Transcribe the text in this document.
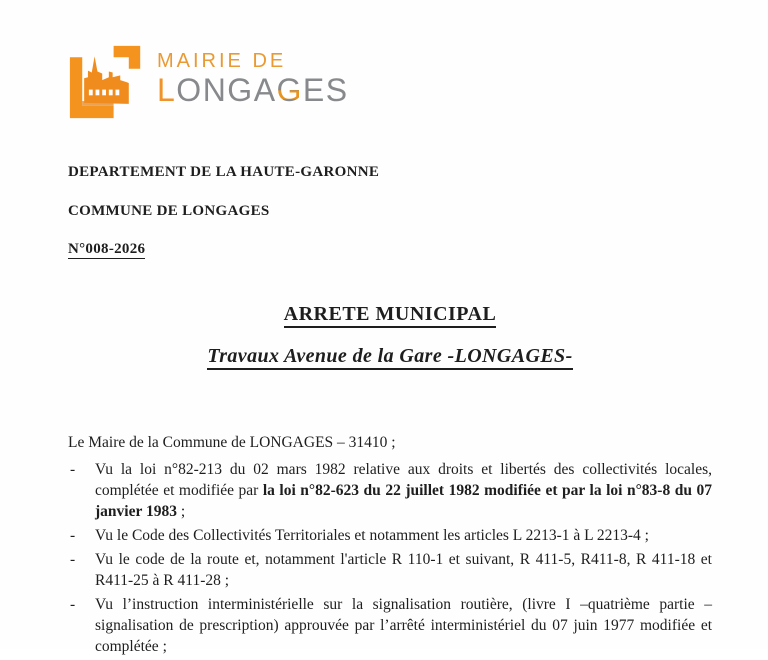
MAIRIE DE
LONGAGES
DEPARTEMENT DE LA HAUTE-GARONNE
COMMUNE DE LONGAGES
N°008-2026
ARRETE MUNICIPAL
Travaux Avenue de la Gare -LONGAGES-

Le Maire de la Commune de LONGAGES – 31410 ;

- Vu la loi n°82-213 du 02 mars 1982 relative aux droits et libertés des collectivités locales, complétée et modifiée par la loi n°82-623 du 22 juillet 1982 modifiée et par la loi n°83-8 du 07 janvier 1983 ;
- Vu le Code des Collectivités Territoriales et notamment les articles L 2213-1 à L 2213-4 ;
- Vu le code de la route et, notamment l'article R 110-1 et suivant, R 411-5, R411-8, R 411-18 et R411-25 à R 411-28 ;
- Vu l’instruction interministérielle sur la signalisation routière, (livre I –quatrième partie – signalisation de prescription) approuvée par l’arrêté interministériel du 07 juin 1977 modifiée et complétée ;
